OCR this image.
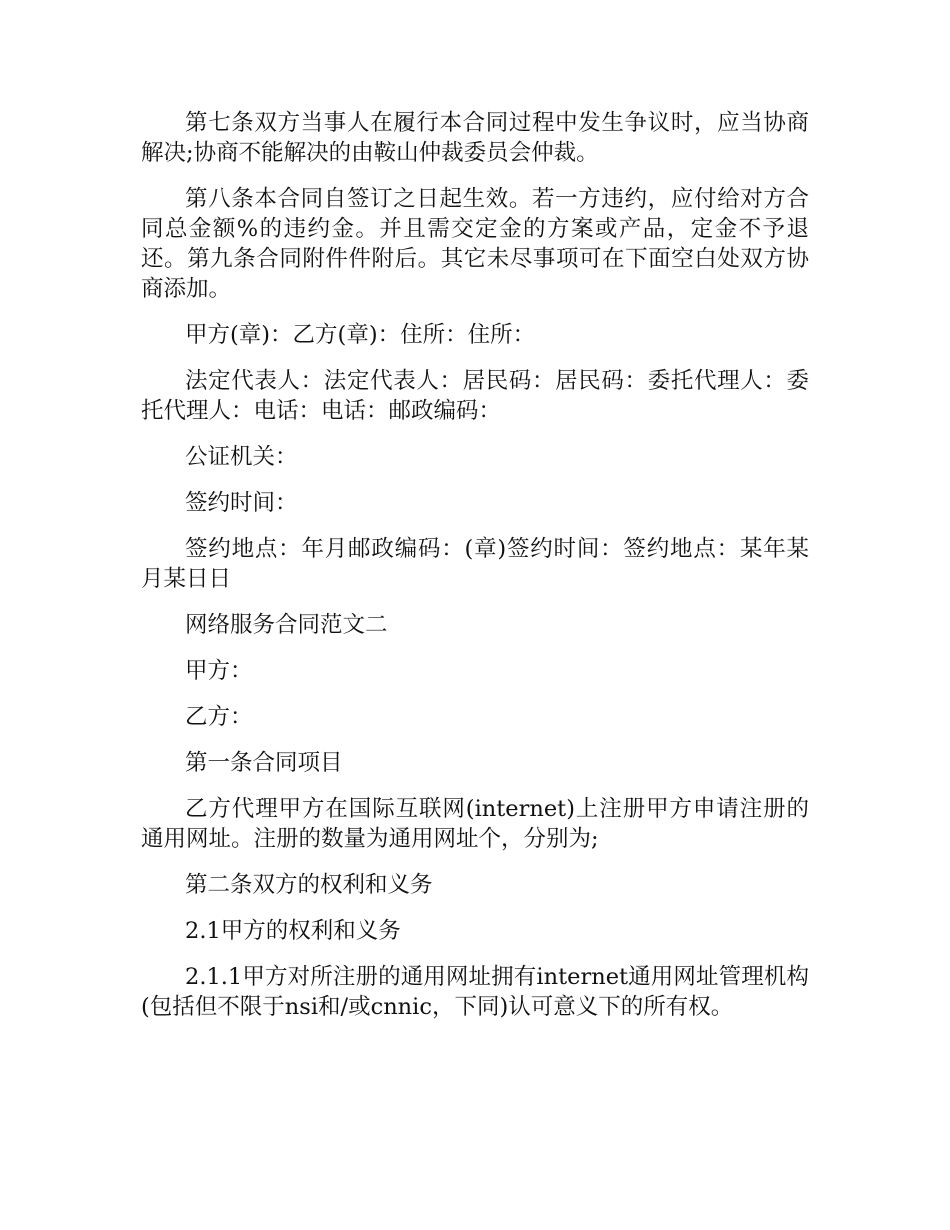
第七条双方当事人在履行本合同过程中发生争议时，应当协商解决;协商不能解决的由鞍山仲裁委员会仲裁。

第八条本合同自签订之日起生效。若一方违约，应付给对方合同总金额%的违约金。并且需交定金的方案或产品，定金不予退还。第九条合同附件件附后。其它未尽事项可在下面空白处双方协商添加。

甲方(章)：乙方(章)：住所：住所：

法定代表人：法定代表人：居民码：居民码：委托代理人：委托代理人：电话：电话：邮政编码：

公证机关：

签约时间：

签约地点：年月邮政编码：(章)签约时间：签约地点：某年某月某日日

网络服务合同范文二

甲方：

乙方：

第一条合同项目

乙方代理甲方在国际互联网(internet)上注册甲方申请注册的通用网址。注册的数量为通用网址个，分别为;

第二条双方的权利和义务

2.1甲方的权利和义务

2.1.1甲方对所注册的通用网址拥有internet通用网址管理机构(包括但不限于nsi和/或cnnic，下同)认可意义下的所有权。
